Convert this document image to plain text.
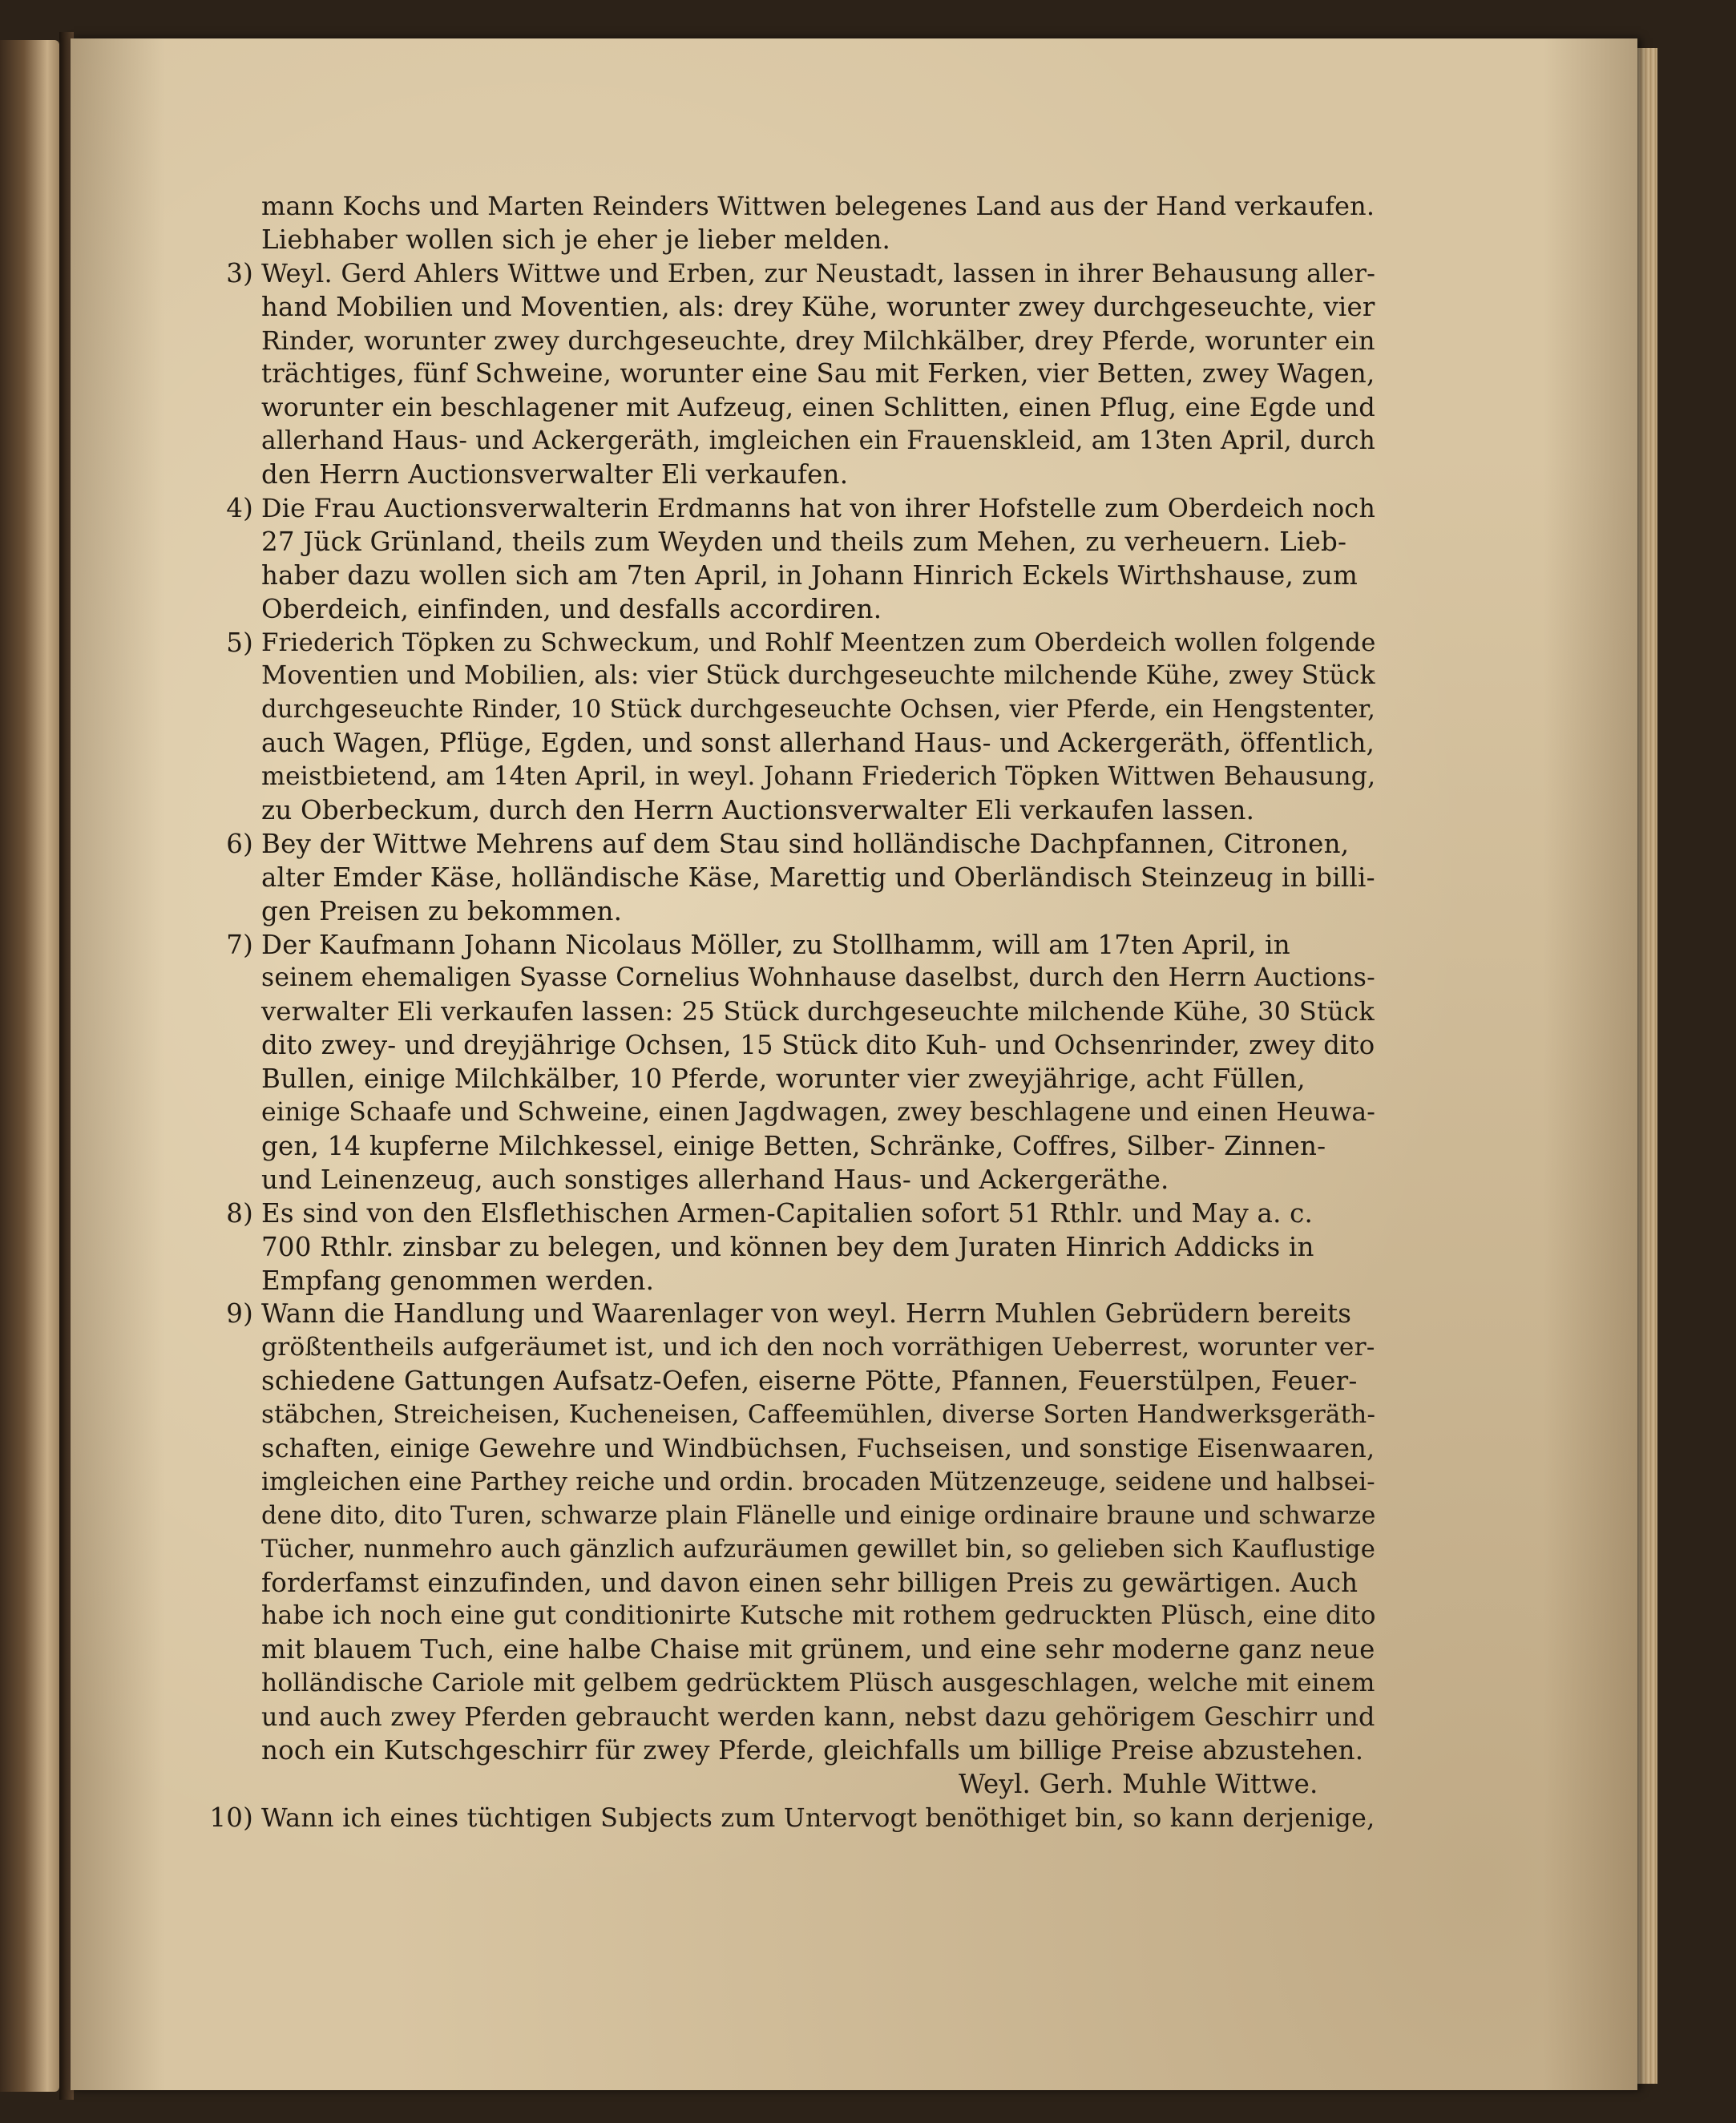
mann Kochs und Marten Reinders Wittwen belegenes Land aus der Hand verkaufen.
Liebhaber wollen sich je eher je lieber melden.
3) Weyl. Gerd Ahlers Wittwe und Erben, zur Neustadt, lassen in ihrer Behausung aller-
hand Mobilien und Moventien, als: drey Kühe, worunter zwey durchgeseuchte, vier
Rinder, worunter zwey durchgeseuchte, drey Milchkälber, drey Pferde, worunter ein
trächtiges, fünf Schweine, worunter eine Sau mit Ferken, vier Betten, zwey Wagen,
worunter ein beschlagener mit Aufzeug, einen Schlitten, einen Pflug, eine Egde und
allerhand Haus- und Ackergeräth, imgleichen ein Frauenskleid, am 13ten April, durch
den Herrn Auctionsverwalter Eli verkaufen.
4) Die Frau Auctionsverwalterin Erdmanns hat von ihrer Hofstelle zum Oberdeich noch
27 Jück Grünland, theils zum Weyden und theils zum Mehen, zu verheuern. Lieb-
haber dazu wollen sich am 7ten April, in Johann Hinrich Eckels Wirthshause, zum
Oberdeich, einfinden, und desfalls accordiren.
5) Friederich Töpken zu Schweckum, und Rohlf Meentzen zum Oberdeich wollen folgende
Moventien und Mobilien, als: vier Stück durchgeseuchte milchende Kühe, zwey Stück
durchgeseuchte Rinder, 10 Stück durchgeseuchte Ochsen, vier Pferde, ein Hengstenter,
auch Wagen, Pflüge, Egden, und sonst allerhand Haus- und Ackergeräth, öffentlich,
meistbietend, am 14ten April, in weyl. Johann Friederich Töpken Wittwen Behausung,
zu Oberbeckum, durch den Herrn Auctionsverwalter Eli verkaufen lassen.
6) Bey der Wittwe Mehrens auf dem Stau sind holländische Dachpfannen, Citronen,
alter Emder Käse, holländische Käse, Marettig und Oberländisch Steinzeug in billi-
gen Preisen zu bekommen.
7) Der Kaufmann Johann Nicolaus Möller, zu Stollhamm, will am 17ten April, in
seinem ehemaligen Syasse Cornelius Wohnhause daselbst, durch den Herrn Auctions-
verwalter Eli verkaufen lassen: 25 Stück durchgeseuchte milchende Kühe, 30 Stück
dito zwey- und dreyjährige Ochsen, 15 Stück dito Kuh- und Ochsenrinder, zwey dito
Bullen, einige Milchkälber, 10 Pferde, worunter vier zweyjährige, acht Füllen,
einige Schaafe und Schweine, einen Jagdwagen, zwey beschlagene und einen Heuwa-
gen, 14 kupferne Milchkessel, einige Betten, Schränke, Coffres, Silber- Zinnen-
und Leinenzeug, auch sonstiges allerhand Haus- und Ackergeräthe.
8) Es sind von den Elsflethischen Armen-Capitalien sofort 51 Rthlr. und May a. c.
700 Rthlr. zinsbar zu belegen, und können bey dem Juraten Hinrich Addicks in
Empfang genommen werden.
9) Wann die Handlung und Waarenlager von weyl. Herrn Muhlen Gebrüdern bereits
größtentheils aufgeräumet ist, und ich den noch vorräthigen Ueberrest, worunter ver-
schiedene Gattungen Aufsatz-Oefen, eiserne Pötte, Pfannen, Feuerstülpen, Feuer-
stäbchen, Streicheisen, Kucheneisen, Caffeemühlen, diverse Sorten Handwerksgeräth-
schaften, einige Gewehre und Windbüchsen, Fuchseisen, und sonstige Eisenwaaren,
imgleichen eine Parthey reiche und ordin. brocaden Mützenzeuge, seidene und halbsei-
dene dito, dito Turen, schwarze plain Flänelle und einige ordinaire braune und schwarze
Tücher, nunmehro auch gänzlich aufzuräumen gewillet bin, so gelieben sich Kauflustige
forderfamst einzufinden, und davon einen sehr billigen Preis zu gewärtigen. Auch
habe ich noch eine gut conditionirte Kutsche mit rothem gedruckten Plüsch, eine dito
mit blauem Tuch, eine halbe Chaise mit grünem, und eine sehr moderne ganz neue
holländische Cariole mit gelbem gedrücktem Plüsch ausgeschlagen, welche mit einem
und auch zwey Pferden gebraucht werden kann, nebst dazu gehörigem Geschirr und
noch ein Kutschgeschirr für zwey Pferde, gleichfalls um billige Preise abzustehen.
Weyl. Gerh. Muhle Wittwe.
10) Wann ich eines tüchtigen Subjects zum Untervogt benöthiget bin, so kann derjenige,
